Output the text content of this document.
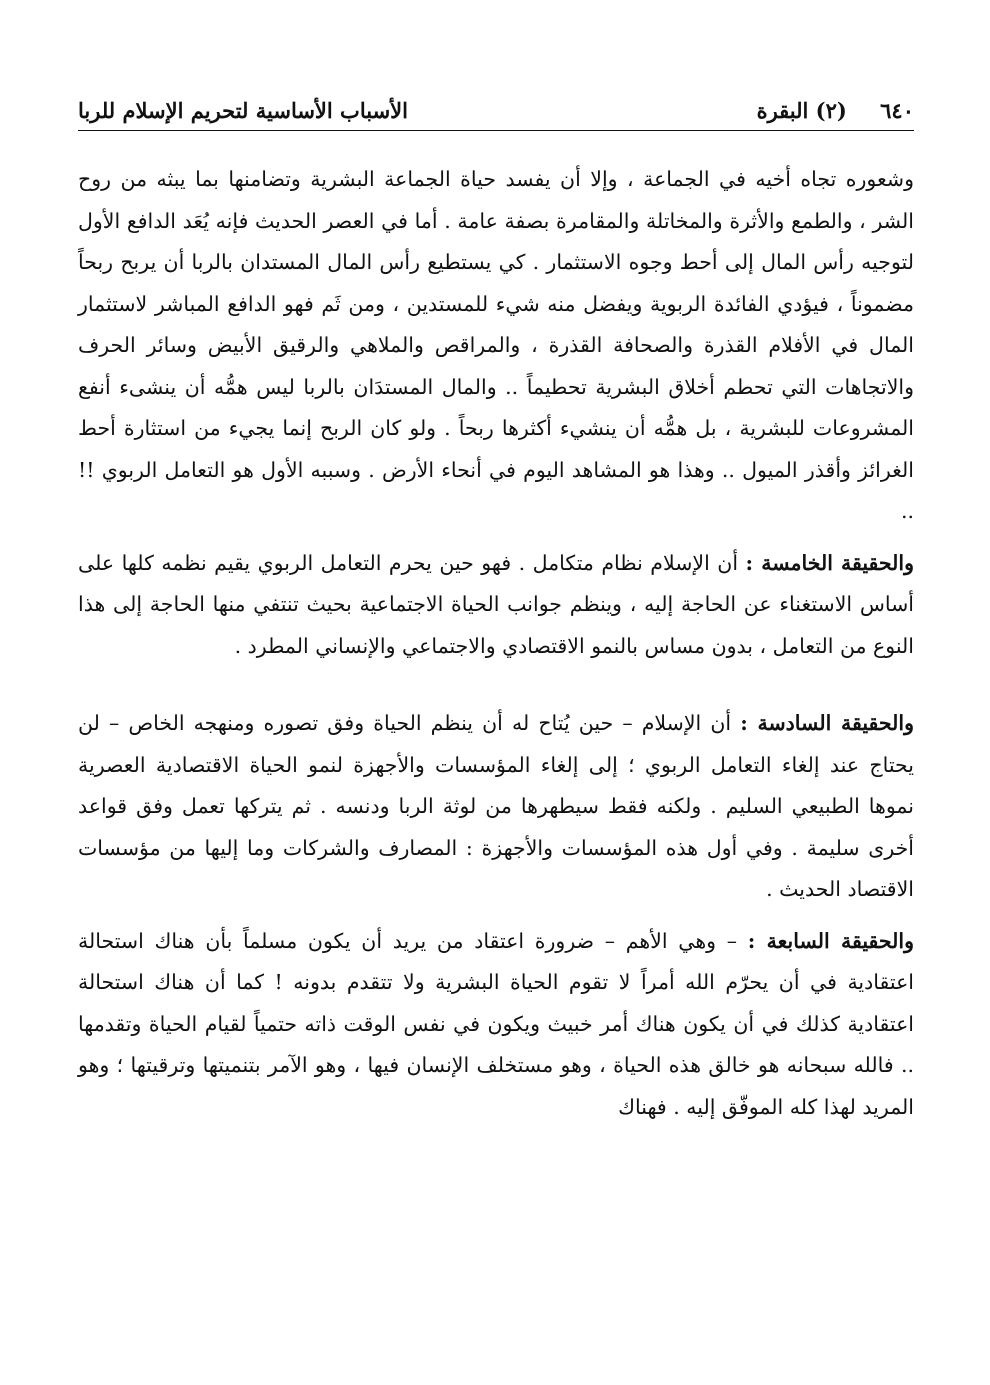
٦٤٠ (٢) البقرة
الأسباب الأساسية لتحريم الإسلام للربا

وشعوره تجاه أخيه في الجماعة ، وإلا أن يفسد حياة الجماعة البشرية وتضامنها بما يبثه من روح الشر ، والطمع والأثرة والمخاتلة والمقامرة بصفة عامة . أما في العصر الحديث فإنه يُعَد الدافع الأول لتوجيه رأس المال إلى أحط وجوه الاستثمار . كي يستطيع رأس المال المستدان بالربا أن يربح ربحاً مضموناً ، فيؤدي الفائدة الربوية ويفضل منه شيء للمستدين ، ومن ثَم فهو الدافع المباشر لاستثمار المال في الأفلام القذرة والصحافة القذرة ، والمراقص والملاهي والرقيق الأبيض وسائر الحرف والاتجاهات التي تحطم أخلاق البشرية تحطيماً .. والمال المستدَان بالربا ليس همُّه أن ينشىء أنفع المشروعات للبشرية ، بل همُّه أن ينشيء أكثرها ربحاً . ولو كان الربح إنما يجيء من استثارة أحط الغرائز وأقذر الميول .. وهذا هو المشاهد اليوم في أنحاء الأرض . وسببه الأول هو التعامل الربوي !! ..

والحقيقة الخامسة : أن الإسلام نظام متكامل . فهو حين يحرم التعامل الربوي يقيم نظمه كلها على أساس الاستغناء عن الحاجة إليه ، وينظم جوانب الحياة الاجتماعية بحيث تنتفي منها الحاجة إلى هذا النوع من التعامل ، بدون مساس بالنمو الاقتصادي والاجتماعي والإنساني المطرد .

والحقيقة السادسة : أن الإسلام – حين يُتاح له أن ينظم الحياة وفق تصوره ومنهجه الخاص – لن يحتاج عند إلغاء التعامل الربوي ؛ إلى إلغاء المؤسسات والأجهزة لنمو الحياة الاقتصادية العصرية نموها الطبيعي السليم . ولكنه فقط سيطهرها من لوثة الربا ودنسه . ثم يتركها تعمل وفق قواعد أخرى سليمة . وفي أول هذه المؤسسات والأجهزة : المصارف والشركات وما إليها من مؤسسات الاقتصاد الحديث .

والحقيقة السابعة : – وهي الأهم – ضرورة اعتقاد من يريد أن يكون مسلماً بأن هناك استحالة اعتقادية في أن يحرّم الله أمراً لا تقوم الحياة البشرية ولا تتقدم بدونه ! كما أن هناك استحالة اعتقادية كذلك في أن يكون هناك أمر خبيث ويكون في نفس الوقت ذاته حتمياً لقيام الحياة وتقدمها .. فالله سبحانه هو خالق هذه الحياة ، وهو مستخلف الإنسان فيها ، وهو الآمر بتنميتها وترقيتها ؛ وهو المريد لهذا كله الموفّق إليه . فهناك
